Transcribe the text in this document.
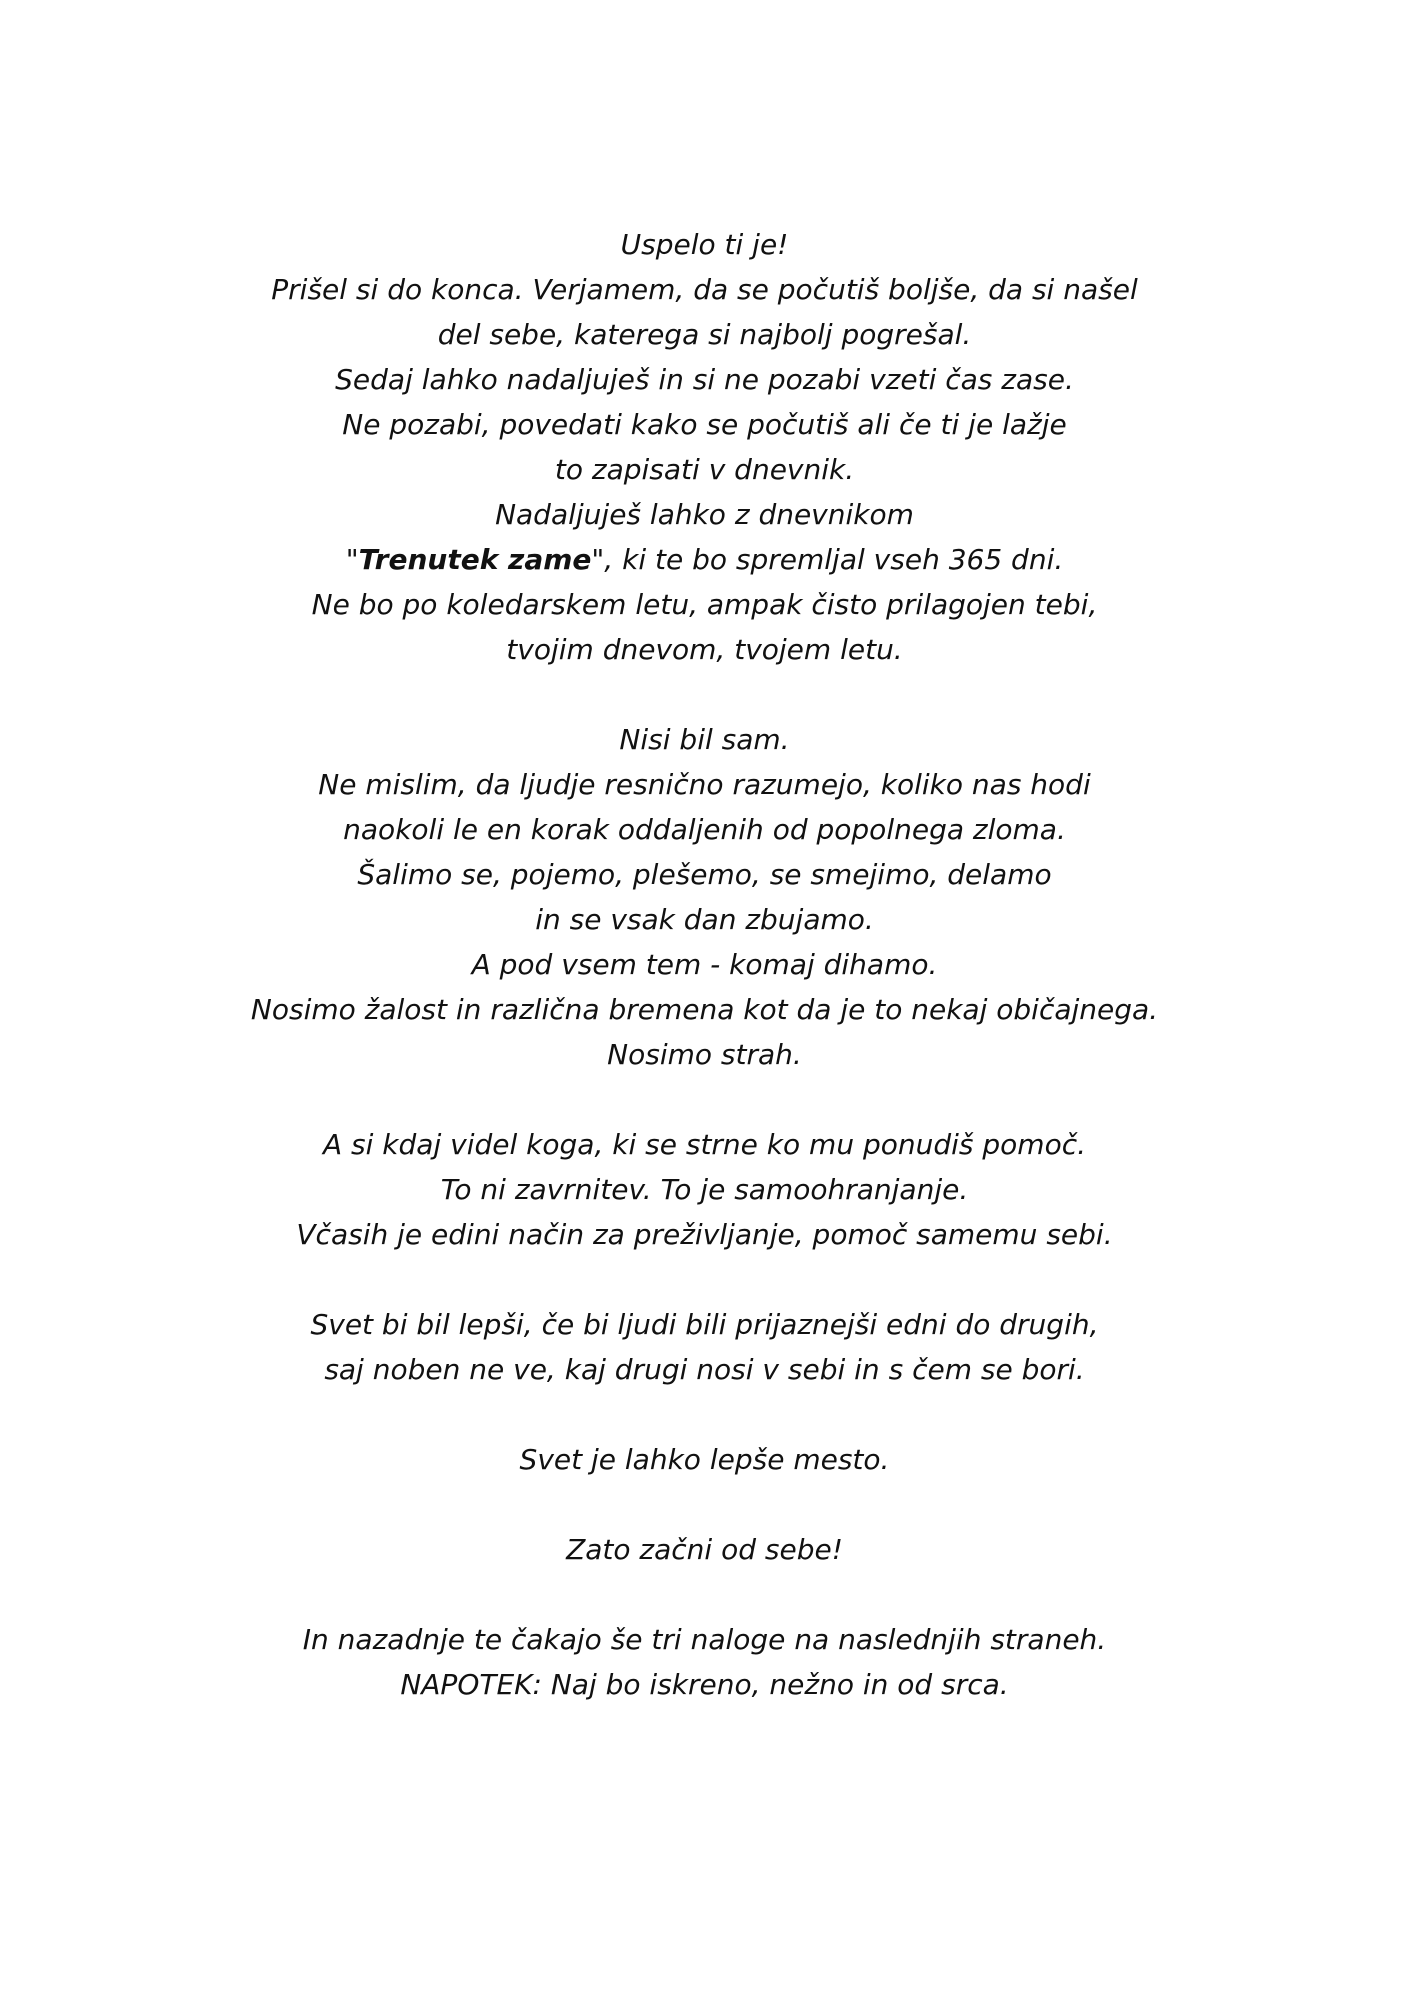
Uspelo ti je!
Prišel si do konca. Verjamem, da se počutiš boljše, da si našel
del sebe, katerega si najbolj pogrešal.
Sedaj lahko nadaljuješ in si ne pozabi vzeti čas zase.
Ne pozabi, povedati kako se počutiš ali če ti je lažje
to zapisati v dnevnik.
Nadaljuješ lahko z dnevnikom
"Trenutek zame", ki te bo spremljal vseh 365 dni.
Ne bo po koledarskem letu, ampak čisto prilagojen tebi,
tvojim dnevom, tvojem letu.
Nisi bil sam.
Ne mislim, da ljudje resnično razumejo, koliko nas hodi
naokoli le en korak oddaljenih od popolnega zloma.
Šalimo se, pojemo, plešemo, se smejimo, delamo
in se vsak dan zbujamo.
A pod vsem tem - komaj dihamo.
Nosimo žalost in različna bremena kot da je to nekaj običajnega.
Nosimo strah.
A si kdaj videl koga, ki se strne ko mu ponudiš pomoč.
To ni zavrnitev. To je samoohranjanje.
Včasih je edini način za preživljanje, pomoč samemu sebi.
Svet bi bil lepši, če bi ljudi bili prijaznejši edni do drugih,
saj noben ne ve, kaj drugi nosi v sebi in s čem se bori.
Svet je lahko lepše mesto.
Zato začni od sebe!
In nazadnje te čakajo še tri naloge na naslednjih straneh.
NAPOTEK: Naj bo iskreno, nežno in od srca.
